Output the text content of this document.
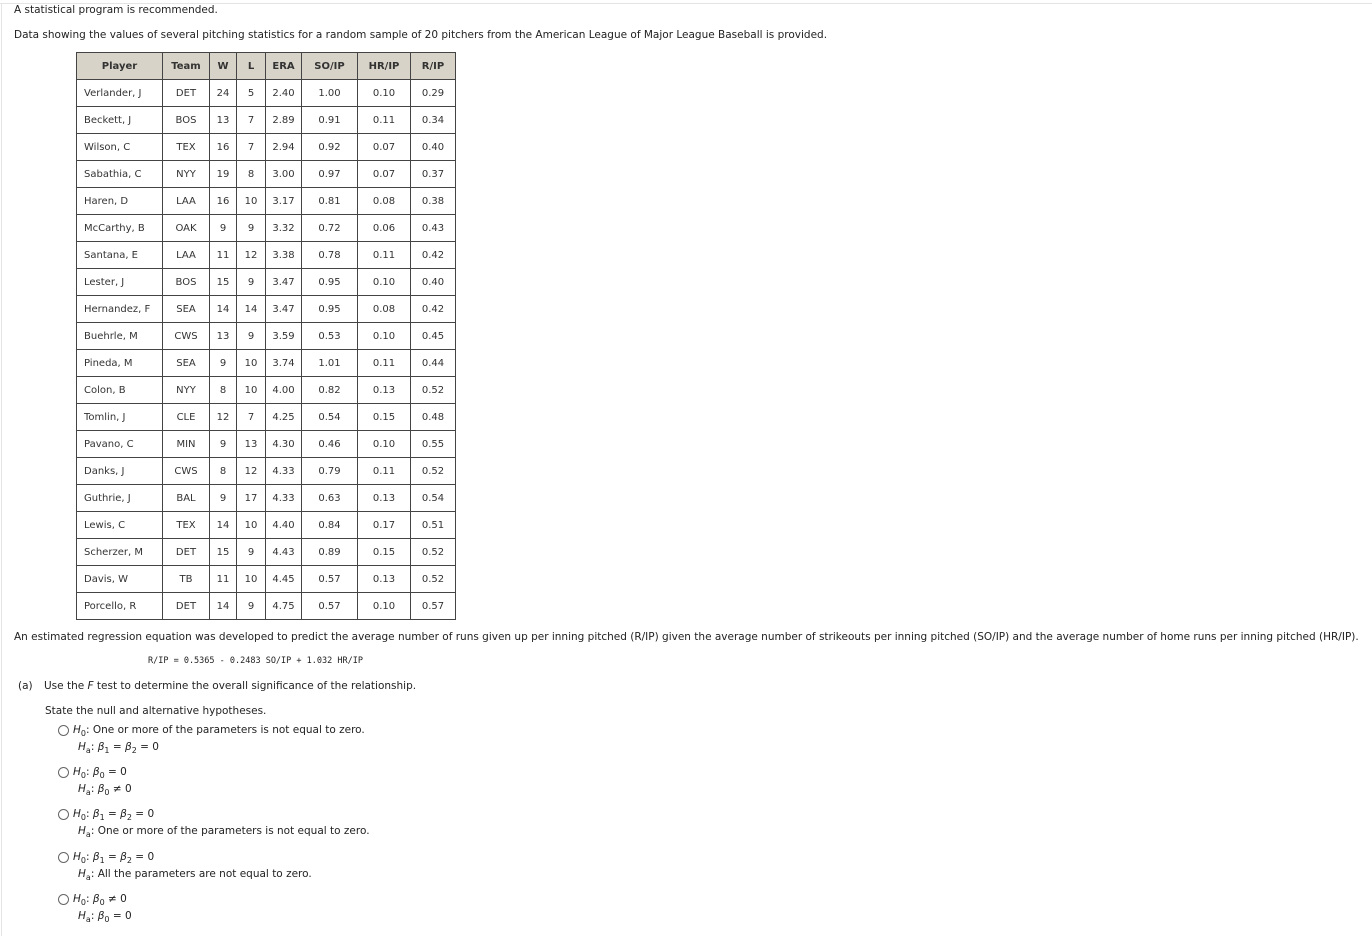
A statistical program is recommended.
Data showing the values of several pitching statistics for a random sample of 20 pitchers from the American League of Major League Baseball is provided.
Player	Team	W	L	ERA	SO/IP	HR/IP	R/IP
Verlander, J	DET	24	5	2.40	1.00	0.10	0.29
Beckett, J	BOS	13	7	2.89	0.91	0.11	0.34
Wilson, C	TEX	16	7	2.94	0.92	0.07	0.40
Sabathia, C	NYY	19	8	3.00	0.97	0.07	0.37
Haren, D	LAA	16	10	3.17	0.81	0.08	0.38
McCarthy, B	OAK	9	9	3.32	0.72	0.06	0.43
Santana, E	LAA	11	12	3.38	0.78	0.11	0.42
Lester, J	BOS	15	9	3.47	0.95	0.10	0.40
Hernandez, F	SEA	14	14	3.47	0.95	0.08	0.42
Buehrle, M	CWS	13	9	3.59	0.53	0.10	0.45
Pineda, M	SEA	9	10	3.74	1.01	0.11	0.44
Colon, B	NYY	8	10	4.00	0.82	0.13	0.52
Tomlin, J	CLE	12	7	4.25	0.54	0.15	0.48
Pavano, C	MIN	9	13	4.30	0.46	0.10	0.55
Danks, J	CWS	8	12	4.33	0.79	0.11	0.52
Guthrie, J	BAL	9	17	4.33	0.63	0.13	0.54
Lewis, C	TEX	14	10	4.40	0.84	0.17	0.51
Scherzer, M	DET	15	9	4.43	0.89	0.15	0.52
Davis, W	TB	11	10	4.45	0.57	0.13	0.52
Porcello, R	DET	14	9	4.75	0.57	0.10	0.57
An estimated regression equation was developed to predict the average number of runs given up per inning pitched (R/IP) given the average number of strikeouts per inning pitched (SO/IP) and the average number of home runs per inning pitched (HR/IP).
R/IP = 0.5365 - 0.2483 SO/IP + 1.032 HR/IP
(a) Use the F test to determine the overall significance of the relationship.
State the null and alternative hypotheses.
$H_0$: One or more of the parameters is not equal to zero.
$H_a$: $\beta_1 = \beta_2 = 0$
$H_0$: $\beta_0 = 0$
$H_a$: $\beta_0 \ne 0$
$H_0$: $\beta_1 = \beta_2 = 0$
$H_a$: One or more of the parameters is not equal to zero.
$H_0$: $\beta_1 = \beta_2 = 0$
$H_a$: All the parameters are not equal to zero.
$H_0$: $\beta_0 \ne 0$
$H_a$: $\beta_0 = 0$
